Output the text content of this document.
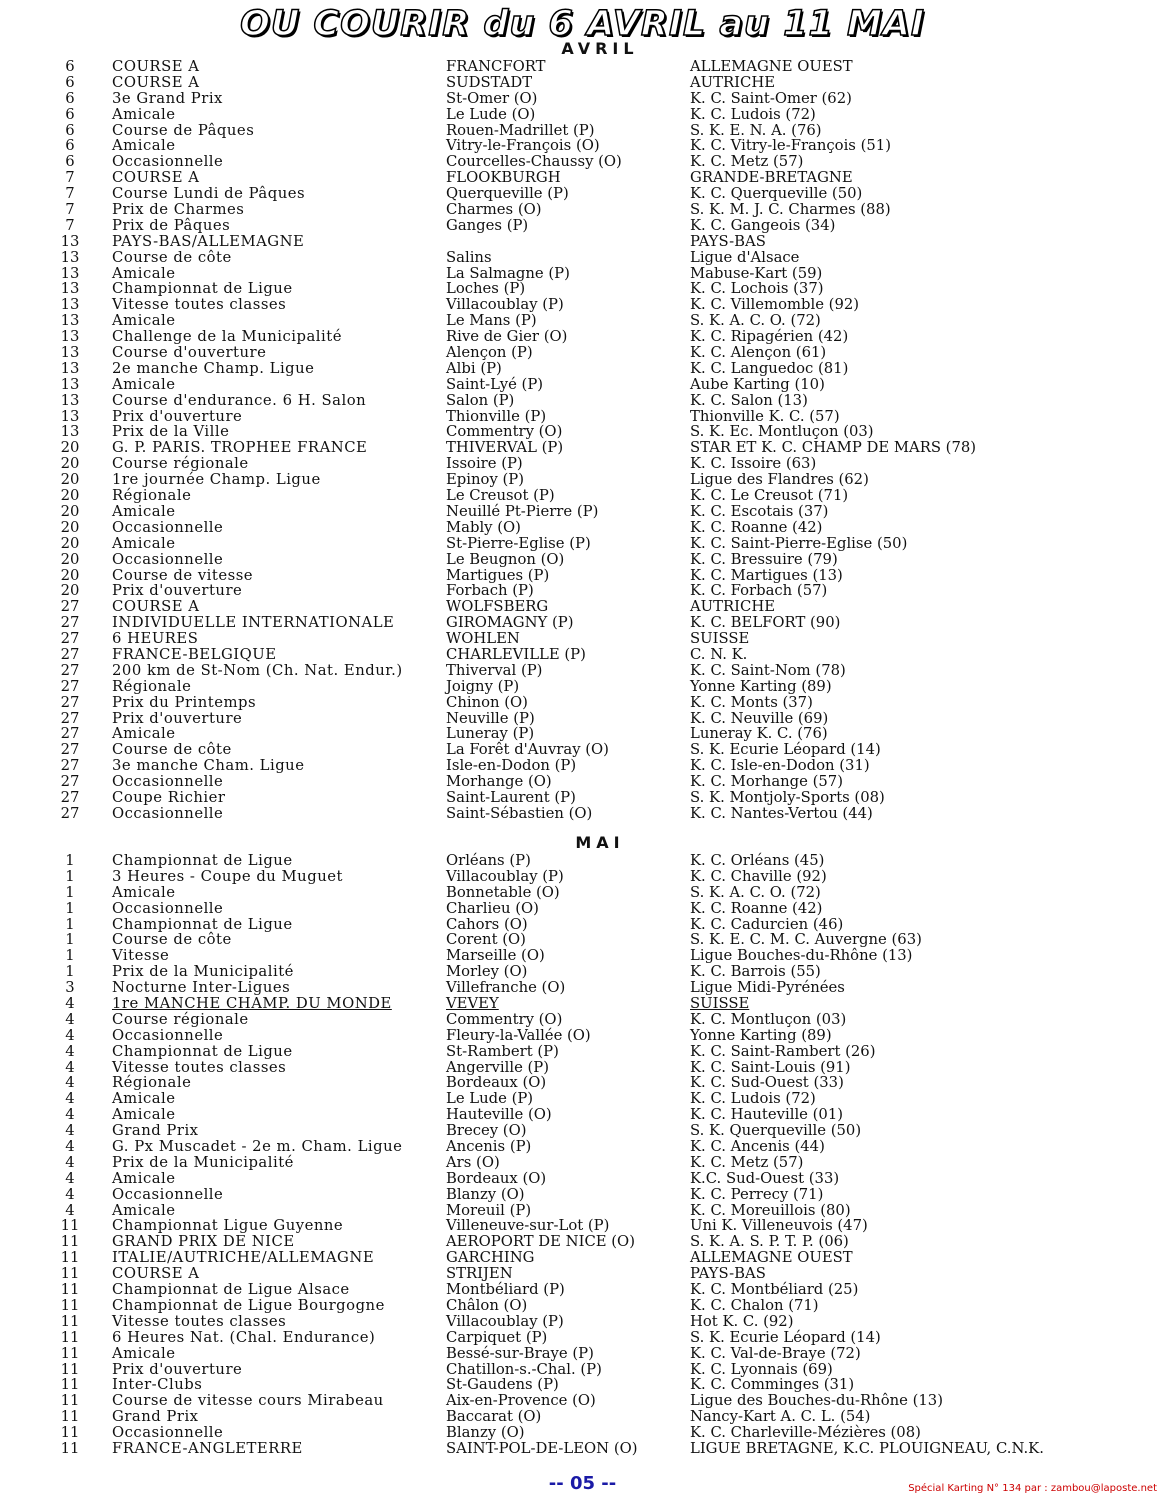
OU COURIR du 6 AVRIL au 11 MAI
AVRIL
6	COURSE A	FRANCFORT	ALLEMAGNE OUEST
6	COURSE A	SUDSTADT	AUTRICHE
6	3e Grand Prix	St-Omer (O)	K. C. Saint-Omer (62)
6	Amicale	Le Lude (O)	K. C. Ludois (72)
6	Course de Pâques	Rouen-Madrillet (P)	S. K. E. N. A. (76)
6	Amicale	Vitry-le-François (O)	K. C. Vitry-le-François (51)
6	Occasionnelle	Courcelles-Chaussy (O)	K. C. Metz (57)
7	COURSE A	FLOOKBURGH	GRANDE-BRETAGNE
7	Course Lundi de Pâques	Querqueville (P)	K. C. Querqueville (50)
7	Prix de Charmes	Charmes (O)	S. K. M. J. C. Charmes (88)
7	Prix de Pâques	Ganges (P)	K. C. Gangeois (34)
13	PAYS-BAS/ALLEMAGNE	PAYS-BAS
13	Course de côte	Salins	Ligue d'Alsace
13	Amicale	La Salmagne (P)	Mabuse-Kart (59)
13	Championnat de Ligue	Loches (P)	K. C. Lochois (37)
13	Vitesse toutes classes	Villacoublay (P)	K. C. Villemomble (92)
13	Amicale	Le Mans (P)	S. K. A. C. O. (72)
13	Challenge de la Municipalité	Rive de Gier (O)	K. C. Ripagérien (42)
13	Course d'ouverture	Alençon (P)	K. C. Alençon (61)
13	2e manche Champ. Ligue	Albi (P)	K. C. Languedoc (81)
13	Amicale	Saint-Lyé (P)	Aube Karting (10)
13	Course d'endurance. 6 H. Salon	Salon (P)	K. C. Salon (13)
13	Prix d'ouverture	Thionville (P)	Thionville K. C. (57)
13	Prix de la Ville	Commentry (O)	S. K. Ec. Montluçon (03)
20	G. P. PARIS. TROPHEE FRANCE	THIVERVAL (P)	STAR ET K. C. CHAMP DE MARS (78)
20	Course régionale	Issoire (P)	K. C. Issoire (63)
20	1re journée Champ. Ligue	Epinoy (P)	Ligue des Flandres (62)
20	Régionale	Le Creusot (P)	K. C. Le Creusot (71)
20	Amicale	Neuillé Pt-Pierre (P)	K. C. Escotais (37)
20	Occasionnelle	Mably (O)	K. C. Roanne (42)
20	Amicale	St-Pierre-Eglise (P)	K. C. Saint-Pierre-Eglise (50)
20	Occasionnelle	Le Beugnon (O)	K. C. Bressuire (79)
20	Course de vitesse	Martigues (P)	K. C. Martigues (13)
20	Prix d'ouverture	Forbach (P)	K. C. Forbach (57)
27	COURSE A	WOLFSBERG	AUTRICHE
27	INDIVIDUELLE INTERNATIONALE	GIROMAGNY (P)	K. C. BELFORT (90)
27	6 HEURES	WOHLEN	SUISSE
27	FRANCE-BELGIQUE	CHARLEVILLE (P)	C. N. K.
27	200 km de St-Nom (Ch. Nat. Endur.)	Thiverval (P)	K. C. Saint-Nom (78)
27	Régionale	Joigny (P)	Yonne Karting (89)
27	Prix du Printemps	Chinon (O)	K. C. Monts (37)
27	Prix d'ouverture	Neuville (P)	K. C. Neuville (69)
27	Amicale	Luneray (P)	Luneray K. C. (76)
27	Course de côte	La Forêt d'Auvray (O)	S. K. Ecurie Léopard (14)
27	3e manche Cham. Ligue	Isle-en-Dodon (P)	K. C. Isle-en-Dodon (31)
27	Occasionnelle	Morhange (O)	K. C. Morhange (57)
27	Coupe Richier	Saint-Laurent (P)	S. K. Montjoly-Sports (08)
27	Occasionnelle	Saint-Sébastien (O)	K. C. Nantes-Vertou (44)
MAI
1	Championnat de Ligue	Orléans (P)	K. C. Orléans (45)
1	3 Heures - Coupe du Muguet	Villacoublay (P)	K. C. Chaville (92)
1	Amicale	Bonnetable (O)	S. K. A. C. O. (72)
1	Occasionnelle	Charlieu (O)	K. C. Roanne (42)
1	Championnat de Ligue	Cahors (O)	K. C. Cadurcien (46)
1	Course de côte	Corent (O)	S. K. E. C. M. C. Auvergne (63)
1	Vitesse	Marseille (O)	Ligue Bouches-du-Rhône (13)
1	Prix de la Municipalité	Morley (O)	K. C. Barrois (55)
3	Nocturne Inter-Ligues	Villefranche (O)	Ligue Midi-Pyrénées
4	1re MANCHE CHAMP. DU MONDE	VEVEY	SUISSE
4	Course régionale	Commentry (O)	K. C. Montluçon (03)
4	Occasionnelle	Fleury-la-Vallée (O)	Yonne Karting (89)
4	Championnat de Ligue	St-Rambert (P)	K. C. Saint-Rambert (26)
4	Vitesse toutes classes	Angerville (P)	K. C. Saint-Louis (91)
4	Régionale	Bordeaux (O)	K. C. Sud-Ouest (33)
4	Amicale	Le Lude (P)	K. C. Ludois (72)
4	Amicale	Hauteville (O)	K. C. Hauteville (01)
4	Grand Prix	Brecey (O)	S. K. Querqueville (50)
4	G. Px Muscadet - 2e m. Cham. Ligue	Ancenis (P)	K. C. Ancenis (44)
4	Prix de la Municipalité	Ars (O)	K. C. Metz (57)
4	Amicale	Bordeaux (O)	K.C. Sud-Ouest (33)
4	Occasionnelle	Blanzy (O)	K. C. Perrecy (71)
4	Amicale	Moreuil (P)	K. C. Moreuillois (80)
11	Championnat Ligue Guyenne	Villeneuve-sur-Lot (P)	Uni K. Villeneuvois (47)
11	GRAND PRIX DE NICE	AEROPORT DE NICE (O)	S. K. A. S. P. T. P. (06)
11	ITALIE/AUTRICHE/ALLEMAGNE	GARCHING	ALLEMAGNE OUEST
11	COURSE A	STRIJEN	PAYS-BAS
11	Championnat de Ligue Alsace	Montbéliard (P)	K. C. Montbéliard (25)
11	Championnat de Ligue Bourgogne	Châlon (O)	K. C. Chalon (71)
11	Vitesse toutes classes	Villacoublay (P)	Hot K. C. (92)
11	6 Heures Nat. (Chal. Endurance)	Carpiquet (P)	S. K. Ecurie Léopard (14)
11	Amicale	Bessé-sur-Braye (P)	K. C. Val-de-Braye (72)
11	Prix d'ouverture	Chatillon-s.-Chal. (P)	K. C. Lyonnais (69)
11	Inter-Clubs	St-Gaudens (P)	K. C. Comminges (31)
11	Course de vitesse cours Mirabeau	Aix-en-Provence (O)	Ligue des Bouches-du-Rhône (13)
11	Grand Prix	Baccarat (O)	Nancy-Kart A. C. L. (54)
11	Occasionnelle	Blanzy (O)	K. C. Charleville-Mézières (08)
11	FRANCE-ANGLETERRE	SAINT-POL-DE-LEON (O)	LIGUE BRETAGNE, K.C. PLOUIGNEAU, C.N.K.
-- 05 --	Spécial Karting N° 134 par : zambou@laposte.net
